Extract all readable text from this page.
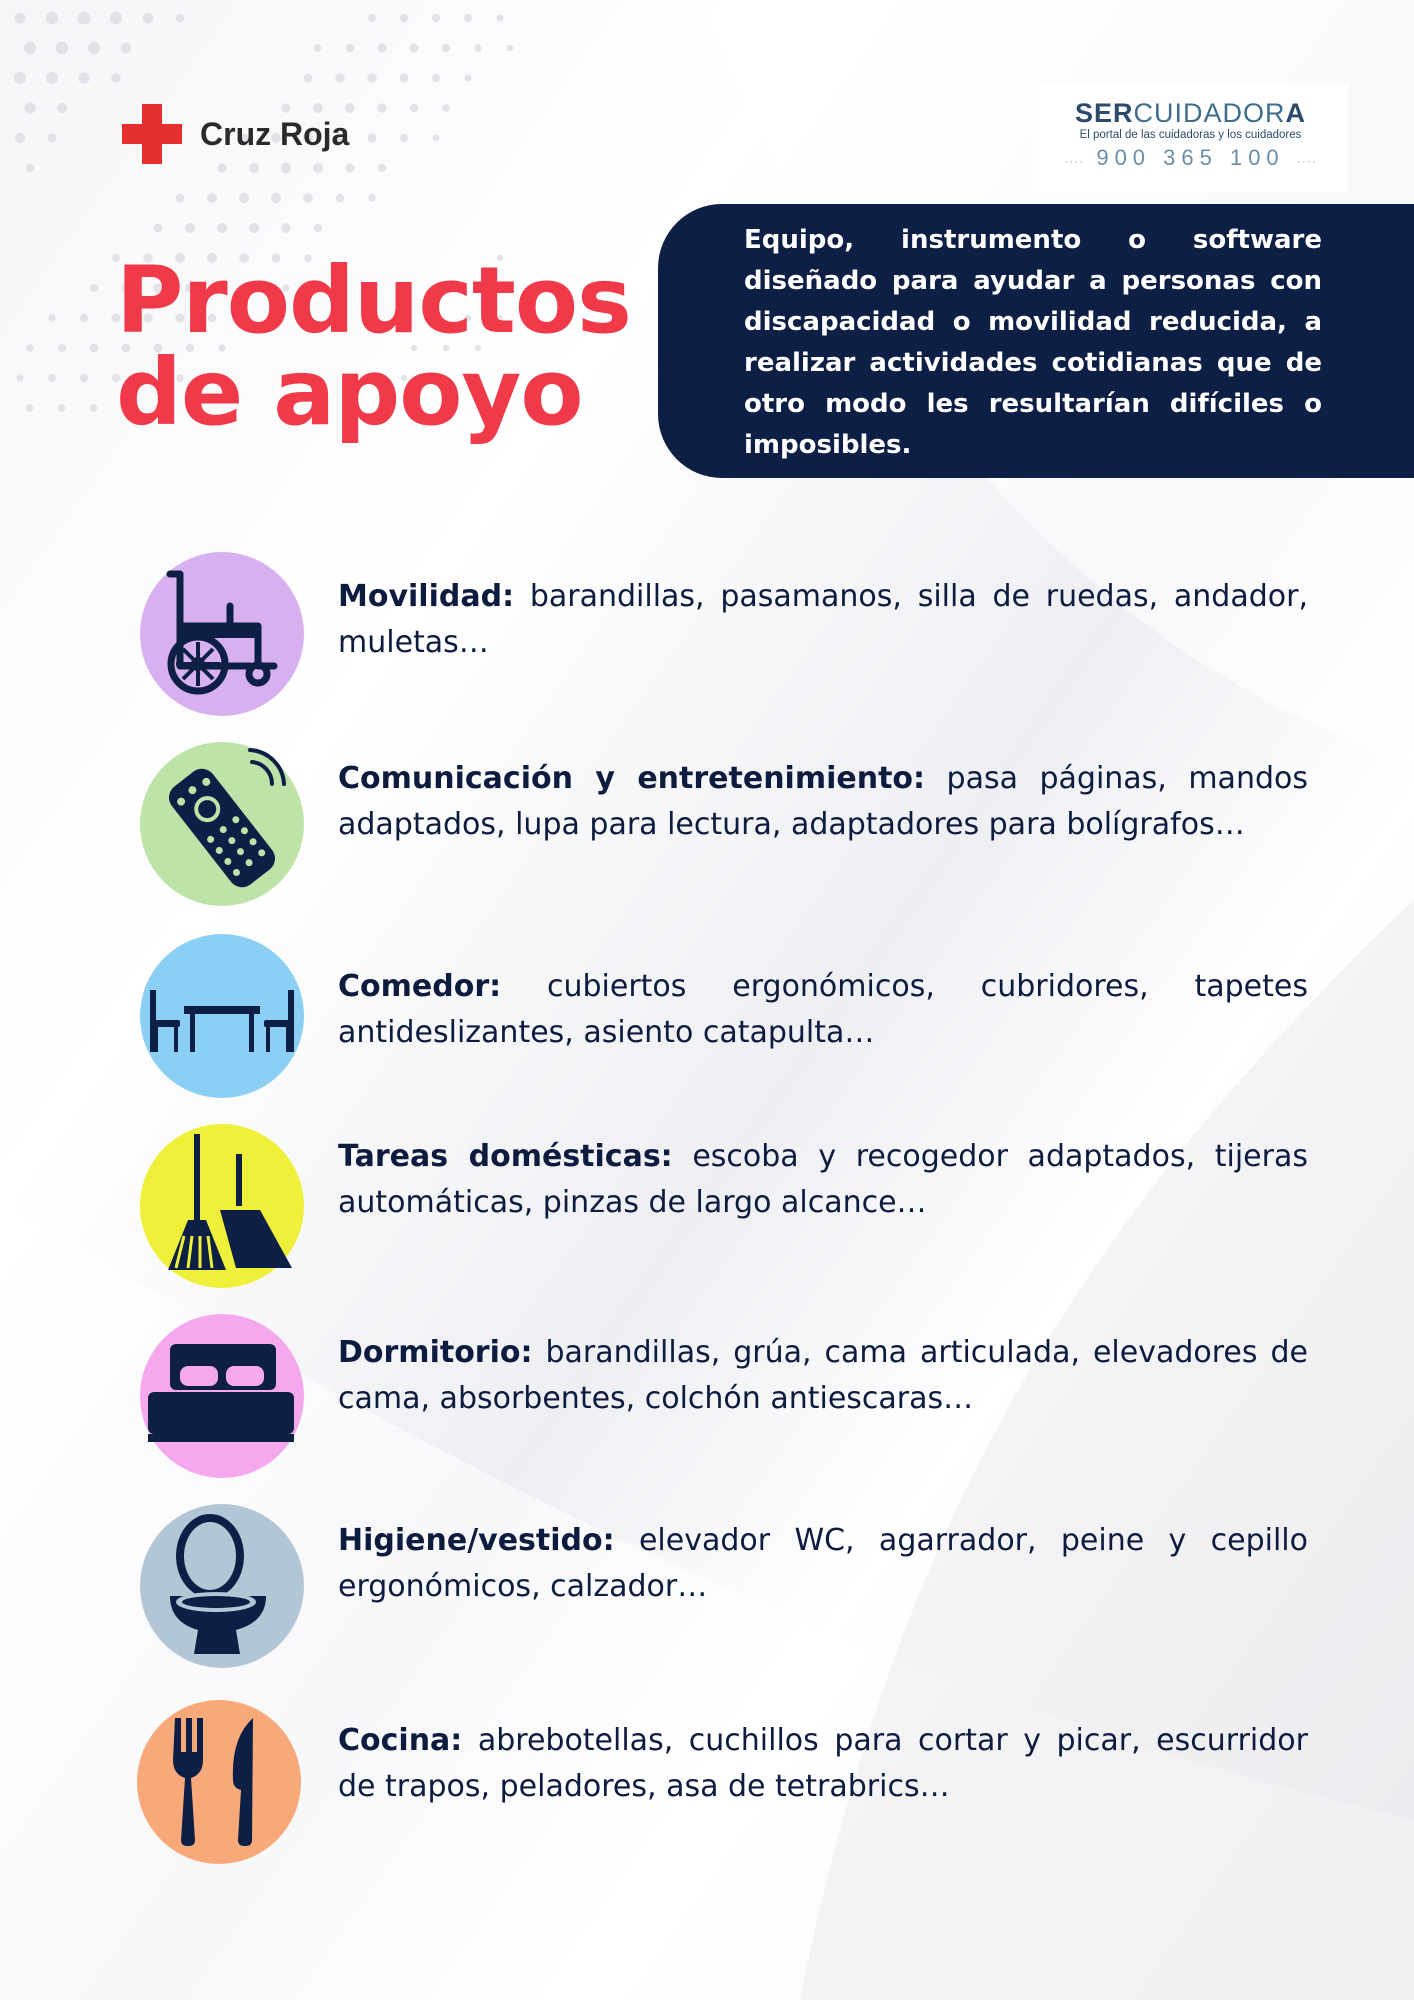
Cruz Roja
SERCUIDADORA
El portal de las cuidadoras y los cuidadores
···· 900 365 100 ····
Productos
de apoyo

Equipo, instrumento o software diseñado para ayudar a personas con discapacidad o movilidad reducida, a realizar actividades cotidianas que de otro modo les resultarían difíciles o imposibles.

Movilidad: barandillas, pasamanos, silla de ruedas, andador, muletas…
Comunicación y entretenimiento: pasa páginas, mandos adaptados, lupa para lectura, adaptadores para bolígrafos…
Comedor: cubiertos ergonómicos, cubridores, tapetes antideslizantes, asiento catapulta…
Tareas domésticas: escoba y recogedor adaptados, tijeras automáticas, pinzas de largo alcance…
Dormitorio: barandillas, grúa, cama articulada, elevadores de cama, absorbentes, colchón antiescaras…
Higiene/vestido: elevador WC, agarrador, peine y cepillo ergonómicos, calzador…
Cocina: abrebotellas, cuchillos para cortar y picar, escurridor de trapos, peladores, asa de tetrabrics…
